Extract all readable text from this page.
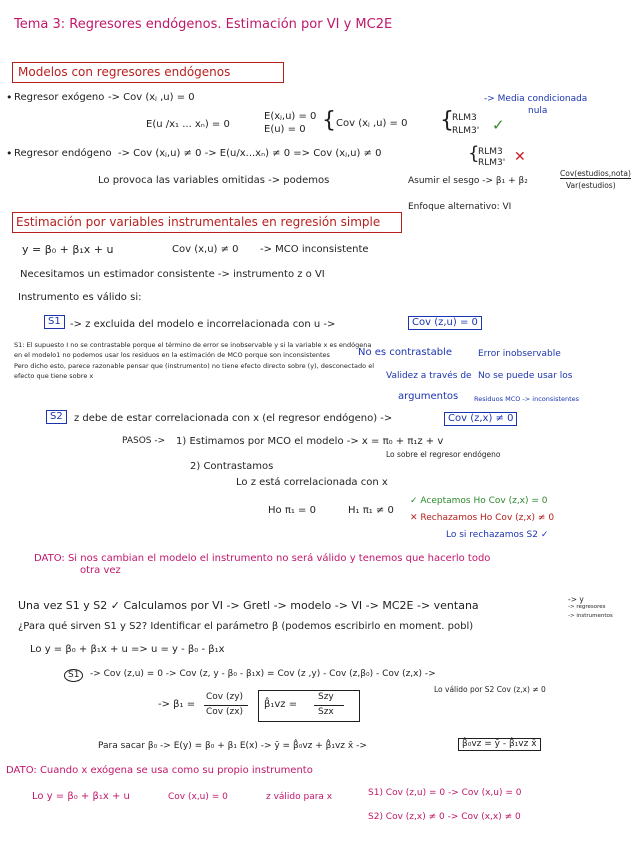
Tema 3: Regresores endógenos. Estimación por VI y MC2E
Modelos con regresores endógenos
• Regresor exógeno -> Cov (xⱼ ,u) = 0
E(u /x₁ ... xₙ) = 0
E(xⱼ,u) = 0
E(u) = 0 { Cov (xⱼ ,u) = 0 {
RLM3
RLM3' ✓
-> Media condicionada
nula
• Regresor endógeno -> Cov (xⱼ,u) ≠ 0 -> E(u/x...xₙ) ≠ 0 => Cov (xⱼ,u) ≠ 0	{
RLM3
RLM3' ✕
Lo provoca las variables omitidas -> podemos	Asumir el sesgo -> β₁ + β₂
Cov(estudios,nota)
Var(estudios)
Enfoque alternativo: VI
Estimación por variables instrumentales en regresión simple
y = β₀ + β₁x + u	Cov (x,u) ≠ 0 -> MCO inconsistente
Necesitamos un estimador consistente -> instrumento z o VI
Instrumento es válido si:
S1 -> z excluida del modelo e incorrelacionada con u ->	Cov (z,u) = 0
S1: El supuesto I no se contrastable porque el término de error se inobservable y si la variable x es endógena
en el modelo1 no podemos usar los residuos en la estimación de MCO porque son inconsistentes
Pero dicho esto, parece razonable pensar que (instrumento) no tiene efecto directo sobre (y), desconectado el
efecto que tiene sobre x
No es contrastable	Error inobservable
Validez a través de No se puede usar los
argumentos Residuos MCO -> inconsistentes
S2	z debe de estar correlacionada con x (el regresor endógeno) ->	Cov (z,x) ≠ 0
PASOS -> 1) Estimamos por MCO el modelo -> x = π₀ + π₁z + v
Lo sobre el regresor endógeno
2) Contrastamos
Lo z está correlacionada con x
Ho π₁ = 0	H₁ π₁ ≠ 0
✓ Aceptamos Ho Cov (z,x) = 0
✕ Rechazamos Ho Cov (z,x) ≠ 0
Lo si rechazamos S2 ✓
DATO: Si nos cambian el modelo el instrumento no será válido y tenemos que hacerlo todo
otra vez
Una vez S1 y S2 ✓ Calculamos por VI -> Gretl -> modelo -> VI -> MC2E -> ventana	-> y
-> regresores
-> instrumentos
¿Para qué sirven S1 y S2? Identificar el parámetro β (podemos escribirlo en moment. pobl)
Lo y = β₀ + β₁x + u => u = y - β₀ - β₁x
S1	-> Cov (z,u) = 0 -> Cov (z, y - β₀ - β₁x) = Cov (z ,y) - Cov (z,β₀) - Cov (z,x) ->
-> β₁ =
Cov (zy)
Cov (zx)
β̂₁vz =
Szy
Szx
Lo válido por S2 Cov (z,x) ≠ 0
Para sacar β₀ -> E(y) = β₀ + β₁ E(x) -> ȳ = β̂₀vz + β̂₁vz x̄ ->	β̂₀vz = ȳ - β̂₁vz x̄
DATO: Cuando x exógena se usa como su propio instrumento
Lo y = β₀ + β₁x + u	Cov (x,u) = 0	z válido para x	S1) Cov (z,u) = 0 -> Cov (x,u) = 0
S2) Cov (z,x) ≠ 0 -> Cov (x,x) ≠ 0
